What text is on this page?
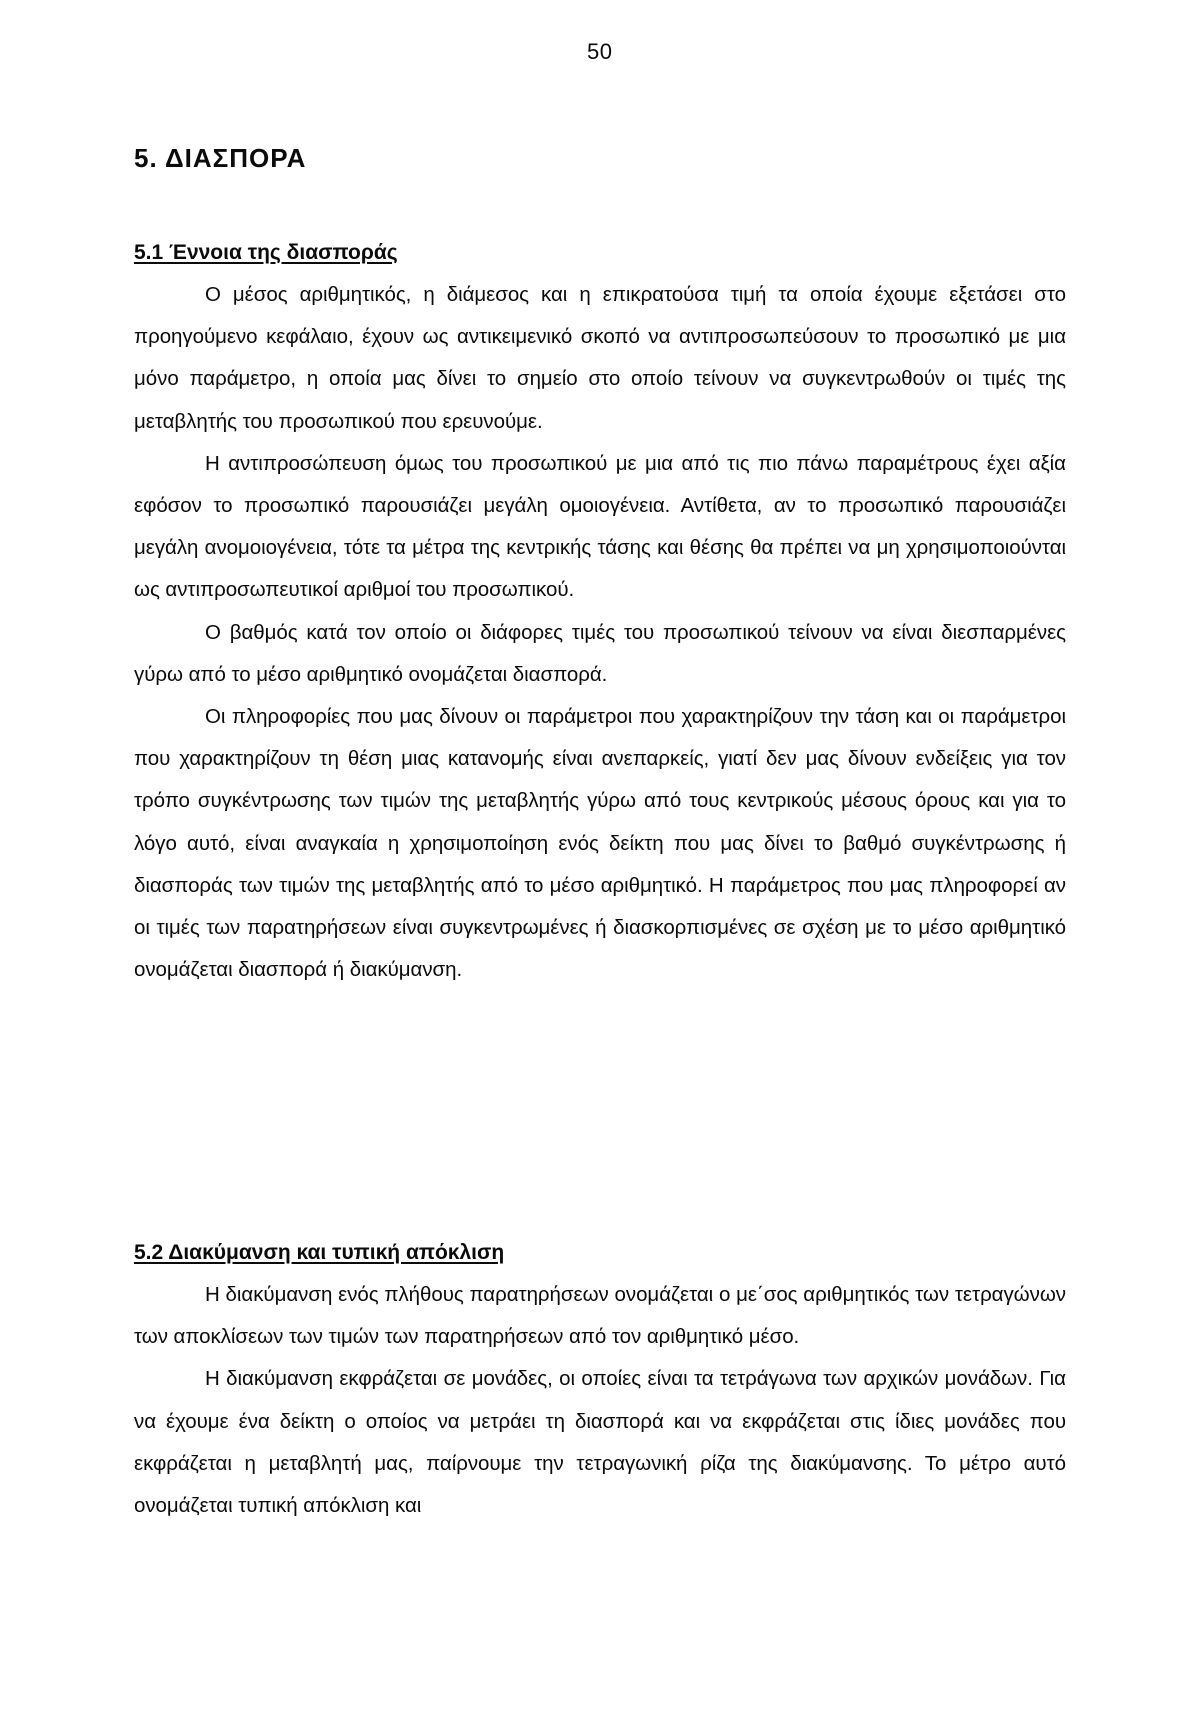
50
5. ΔΙΑΣΠΟΡΑ
5.1 Έννοια της διασποράς

Ο μέσος αριθμητικός, η διάμεσος και η επικρατούσα τιμή τα οποία έχουμε εξετάσει στο προηγούμενο κεφάλαιο, έχουν ως αντικειμενικό σκοπό να αντιπροσωπεύσουν το προσωπικό με μια μόνο παράμετρο, η οποία μας δίνει το σημείο στο οποίο τείνουν να συγκεντρωθούν οι τιμές της μεταβλητής του προσωπικού που ερευνούμε.

Η αντιπροσώπευση όμως του προσωπικού με μια από τις πιο πάνω παραμέτρους έχει αξία εφόσον το προσωπικό παρουσιάζει μεγάλη ομοιογένεια. Αντίθετα, αν το προσωπικό παρουσιάζει μεγάλη ανομοιογένεια, τότε τα μέτρα της κεντρικής τάσης και θέσης θα πρέπει να μη χρησιμοποιούνται ως αντιπροσωπευτικοί αριθμοί του προσωπικού.

Ο βαθμός κατά τον οποίο οι διάφορες τιμές του προσωπικού τείνουν να είναι διεσπαρμένες γύρω από το μέσο αριθμητικό ονομάζεται διασπορά.

Οι πληροφορίες που μας δίνουν οι παράμετροι που χαρακτηρίζουν την τάση και οι παράμετροι που χαρακτηρίζουν τη θέση μιας κατανομής είναι ανεπαρκείς, γιατί δεν μας δίνουν ενδείξεις για τον τρόπο συγκέντρωσης των τιμών της μεταβλητής γύρω από τους κεντρικούς μέσους όρους και για το λόγο αυτό, είναι αναγκαία η χρησιμοποίηση ενός δείκτη που μας δίνει το βαθμό συγκέντρωσης ή διασποράς των τιμών της μεταβλητής από το μέσο αριθμητικό. Η παράμετρος που μας πληροφορεί αν οι τιμές των παρατηρήσεων είναι συγκεντρωμένες ή διασκορπισμένες σε σχέση με το μέσο αριθμητικό ονομάζεται διασπορά ή διακύμανση.

5.2 Διακύμανση και τυπική απόκλιση

Η διακύμανση ενός πλήθους παρατηρήσεων ονομάζεται ο με΄σος αριθμητικός των τετραγώνων των αποκλίσεων των τιμών των παρατηρήσεων από τον αριθμητικό μέσο.

Η διακύμανση εκφράζεται σε μονάδες, οι οποίες είναι τα τετράγωνα των αρχικών μονάδων. Για να έχουμε ένα δείκτη ο οποίος να μετράει τη διασπορά και να εκφράζεται στις ίδιες μονάδες που εκφράζεται η μεταβλητή μας, παίρνουμε την τετραγωνική ρίζα της διακύμανσης. Το μέτρο αυτό ονομάζεται τυπική απόκλιση και
